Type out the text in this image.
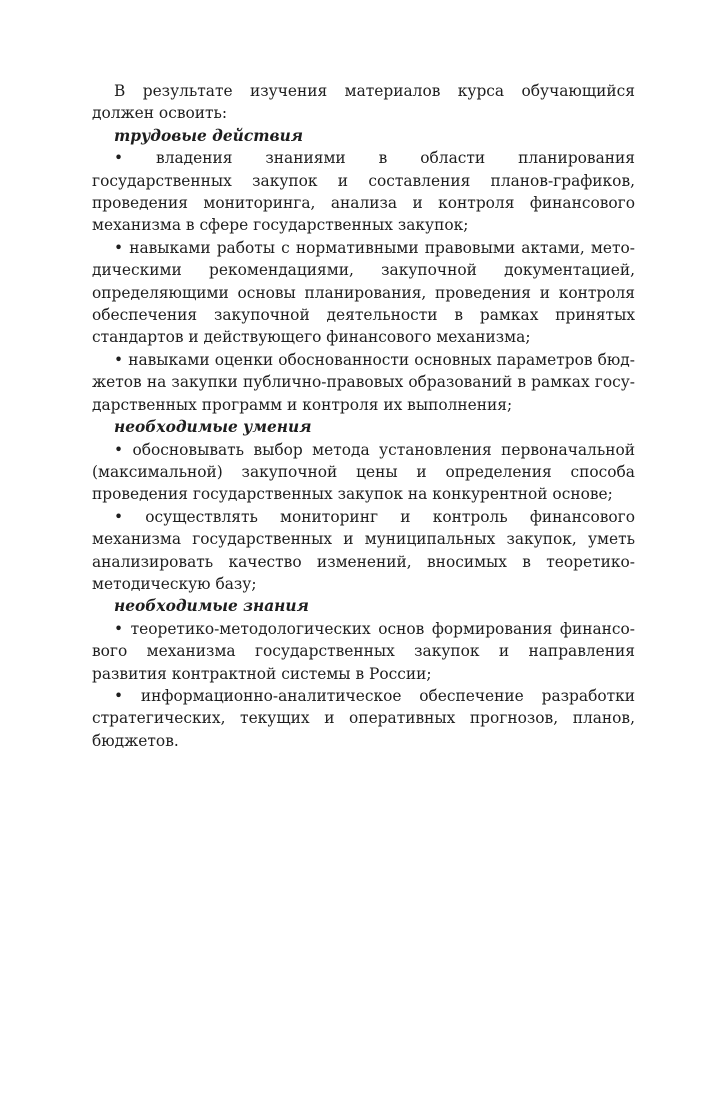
В результате изучения материалов курса обучающийся должен освоить:

трудовые действия

• владения знаниями в области планирования государственных закупок и составления планов-графиков, проведения мониторинга, анализа и контроля финансового механизма в сфере государственных закупок;

• навыками работы с нормативными правовыми актами, методическими рекомендациями, закупочной документацией, определяющими основы планирования, проведения и контроля обеспечения закупочной деятельности в рамках принятых стандартов и действующего финансового механизма;

• навыками оценки обоснованности основных параметров бюджетов на закупки публично-правовых образований в рамках государственных программ и контроля их выполнения;

необходимые умения

• обосновывать выбор метода установления первоначальной (максимальной) закупочной цены и определения способа проведения государственных закупок на конкурентной основе;

• осуществлять мониторинг и контроль финансового механизма государственных и муниципальных закупок, уметь анализировать качество изменений, вносимых в теоретико-методическую базу;

необходимые знания

• теоретико-методологических основ формирования финансового механизма государственных закупок и направления развития контрактной системы в России;

• информационно-аналитическое обеспечение разработки стратегических, текущих и оперативных прогнозов, планов, бюджетов.
